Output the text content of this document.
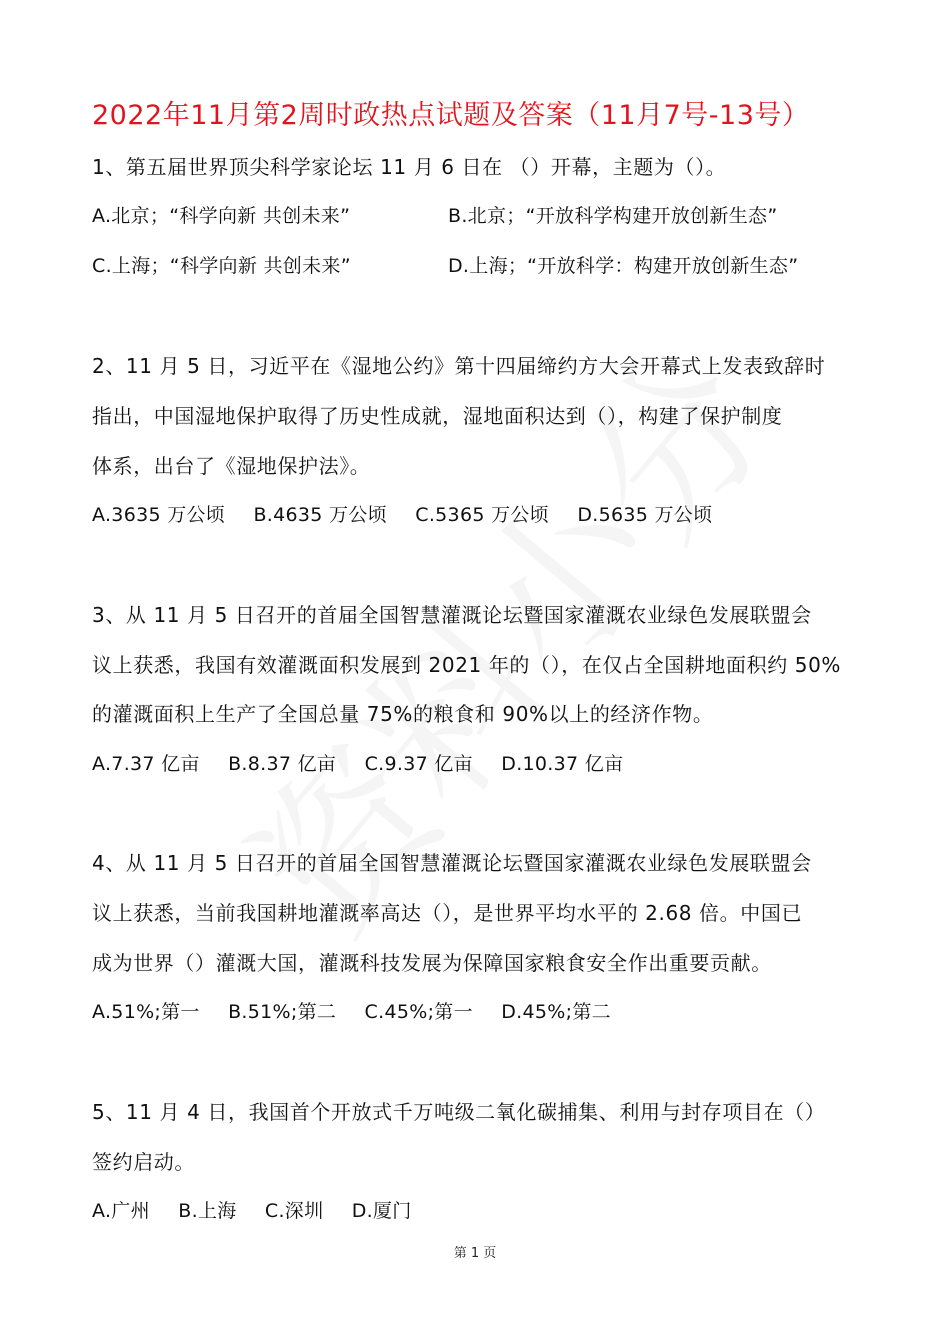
2022年11月第2周时政热点试题及答案（11月7号-13号）
1、第五届世界顶尖科学家论坛 11 月 6 日在 （）开幕，主题为（）。
A.北京；“科学向新 共创未来”	B.北京；“开放科学构建开放创新生态”
C.上海；“科学向新 共创未来”	D.上海；“开放科学：构建开放创新生态”
2、11 月 5 日，习近平在《湿地公约》第十四届缔约方大会开幕式上发表致辞时
指出，中国湿地保护取得了历史性成就，湿地面积达到（），构建了保护制度
体系，出台了《湿地保护法》。
A.3635 万公顷 B.4635 万公顷 C.5365 万公顷 D.5635 万公顷
3、从 11 月 5 日召开的首届全国智慧灌溉论坛暨国家灌溉农业绿色发展联盟会
议上获悉，我国有效灌溉面积发展到 2021 年的（），在仅占全国耕地面积约 50%
的灌溉面积上生产了全国总量 75%的粮食和 90%以上的经济作物。
A.7.37 亿亩 B.8.37 亿亩 C.9.37 亿亩 D.10.37 亿亩
4、从 11 月 5 日召开的首届全国智慧灌溉论坛暨国家灌溉农业绿色发展联盟会
议上获悉，当前我国耕地灌溉率高达（），是世界平均水平的 2.68 倍。中国已
成为世界（）灌溉大国，灌溉科技发展为保障国家粮食安全作出重要贡献。
A.51%;第一 B.51%;第二 C.45%;第一 D.45%;第二
5、11 月 4 日，我国首个开放式千万吨级二氧化碳捕集、利用与封存项目在（）
签约启动。
A.广州 B.上海 C.深圳 D.厦门
第 1 页
